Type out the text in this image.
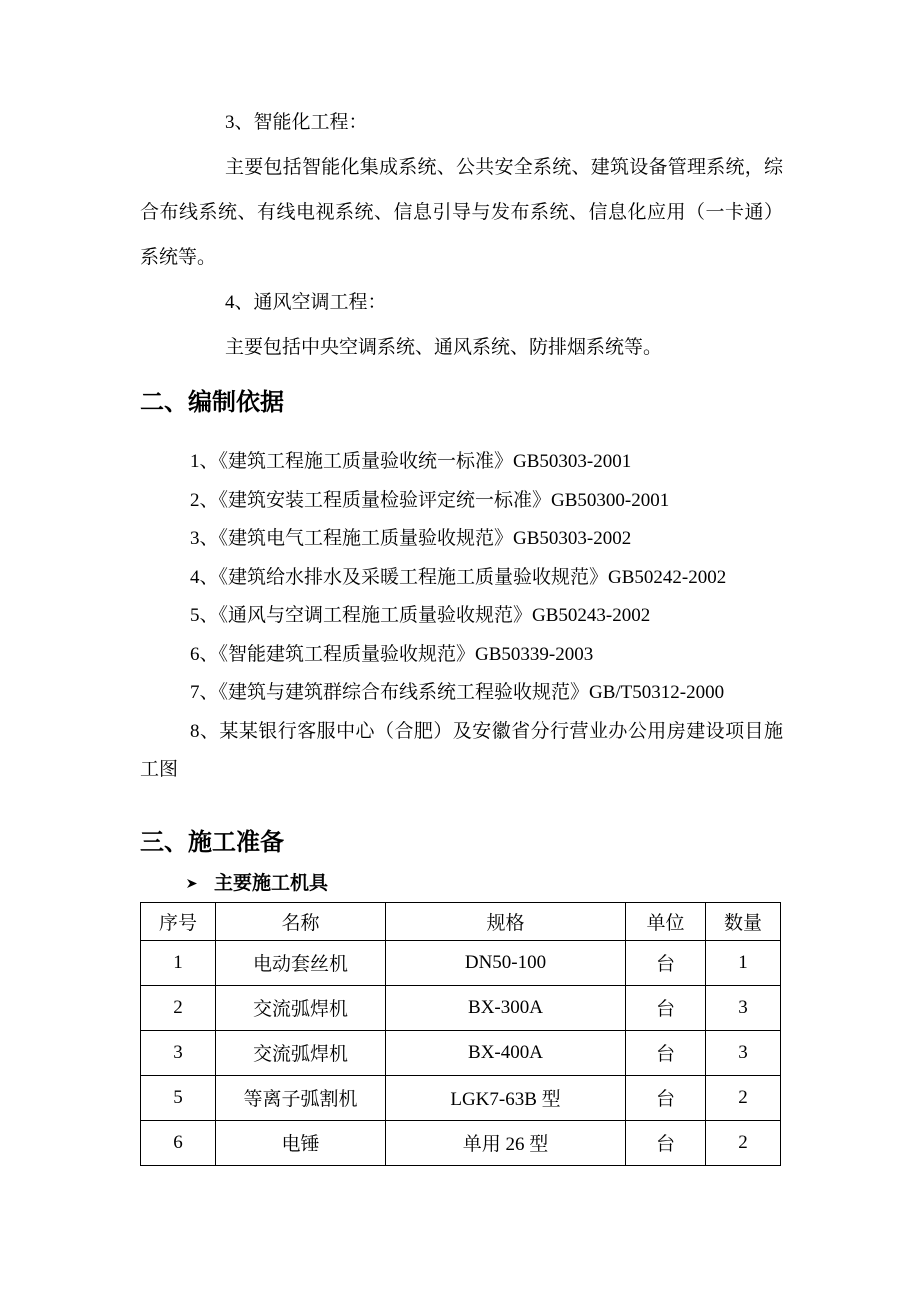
3、智能化工程：

主要包括智能化集成系统、公共安全系统、建筑设备管理系统，综合布线系统、有线电视系统、信息引导与发布系统、信息化应用（一卡通）系统等。

4、通风空调工程：

主要包括中央空调系统、通风系统、防排烟系统等。

二、编制依据

1、《建筑工程施工质量验收统一标准》GB50303-2001

2、《建筑安装工程质量检验评定统一标准》GB50300-2001

3、《建筑电气工程施工质量验收规范》GB50303-2002

4、《建筑给水排水及采暖工程施工质量验收规范》GB50242-2002

5、《通风与空调工程施工质量验收规范》GB50243-2002

6、《智能建筑工程质量验收规范》GB50339-2003

7、《建筑与建筑群综合布线系统工程验收规范》GB/T50312-2000

8、某某银行客服中心（合肥）及安徽省分行营业办公用房建设项目施工图

三、施工准备

主要施工机具

序号	名称	规格	单位	数量
1	电动套丝机	DN50-100	台	1
2	交流弧焊机	BX-300A	台	3
3	交流弧焊机	BX-400A	台	3
5	等离子弧割机	LGK7-63B 型	台	2
6	电锤	单用 26 型	台	2
